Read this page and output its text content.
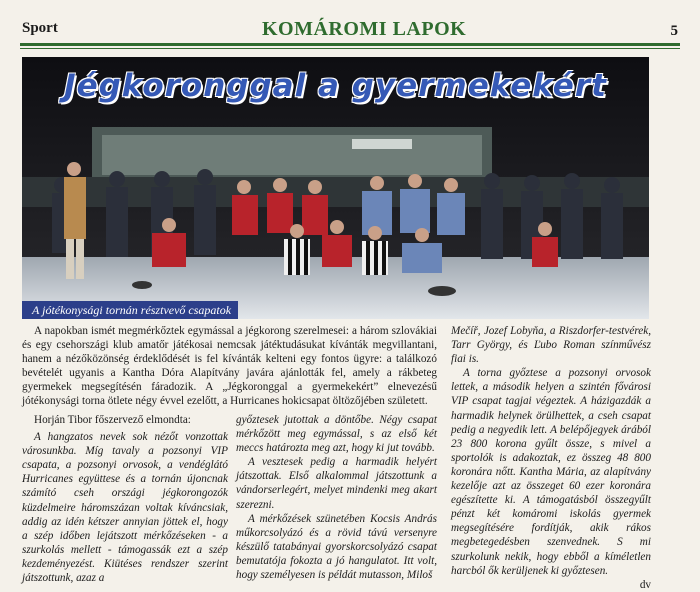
Sport	KOMÁROMI LAPOK	5
Jégkoronggal a gyermekekért
A jótékonysági tornán résztvevő csapatok

A napokban ismét megmérkőztek egymással a jégkorong szerelmesei: a három szlovákiai és egy csehországi klub amatőr játékosai nemcsak játéktudásukat kívánták megvillantani, hanem a nézőközönség érdeklődését is fel kívánták kelteni egy fontos ügyre: a találkozó bevételét ugyanis a Kantha Dóra Alapítvány javára ajánlották fel, amely a rákbeteg gyermekek megsegítésén fáradozik. A „Jégkoronggal a gyermekekért” elnevezésű jótékonysági torna ötlete négy évvel ezelőtt, a Hurricanes hokicsapat öltözőjében született.

Horján Tibor főszervező elmondta:

A hangzatos nevek sok nézőt vonzottak városunkba. Míg tavaly a pozsonyi VIP csapata, a pozsonyi orvosok, a vendéglátó Hurricanes együttese és a tornán újoncnak számító cseh országi jégkorongozók küzdelmeire háromszázan voltak kíváncsiak, addig az idén kétszer annyian jöttek el, hogy a szép időben lejátszott mérkőzéseken - a szurkolás mellett - támogassák ezt a szép kezdeményezést. Kiütéses rendszer szerint játszottunk, azaz a

győztesek jutottak a döntőbe. Négy csapat mérkőzött meg egymással, s az első két meccs határozta meg azt, hogy ki jut tovább.

A vesztesek pedig a harmadik helyért játszottak. Első alkalommal játszottunk a vándorserlegért, melyet mindenki meg akart szerezni.

A mérkőzések szünetében Kocsis András műkorcsolyázó és a rövid távú versenyre készülő tatabányai gyorskorcsolyázó csapat bemutatója fokozta a jó hangulatot. Itt volt, hogy személyesen is példát mutasson, Miloš

Mečíř, Jozef Lobyňa, a Riszdorfer-testvérek, Tarr György, és Ľubo Roman színművész fiai is.

A torna győztese a pozsonyi orvosok lettek, a második helyen a szintén fővárosi VIP csapat tagjai végeztek. A házigazdák a harmadik helynek örülhettek, a cseh csapat pedig a negyedik lett. A belépőjegyek árából 23 800 korona gyűlt össze, s mivel a sportolók is adakoztak, ez összeg 48 800 koronára nőtt. Kantha Mária, az alapítvány kezelője azt az összeget 60 ezer koronára egészítette ki. A támogatásból összegyűlt pénzt két komáromi iskolás gyermek megsegítésére fordítják, akik rákos megbetegedésben szenvednek. S mi szurkolunk nekik, hogy ebből a kíméletlen harcból ők kerüljenek ki győztesen.

dv
